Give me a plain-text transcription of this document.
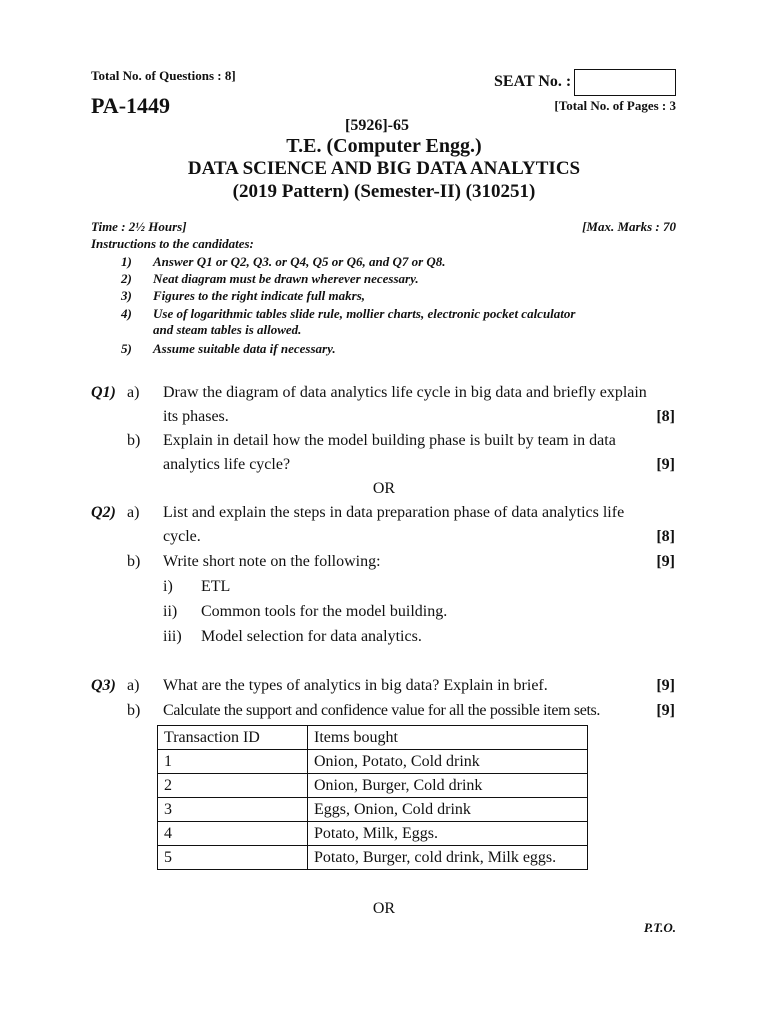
Total No. of Questions : 8]	SEAT No. :
PA-1449	[Total No. of Pages : 3
[5926]-65
T.E. (Computer Engg.)
DATA SCIENCE AND BIG DATA ANALYTICS
(2019 Pattern) (Semester-II) (310251)
Time : 2½ Hours]	[Max. Marks : 70
Instructions to the candidates:
1) Answer Q1 or Q2, Q3. or Q4, Q5 or Q6, and Q7 or Q8.
2) Neat diagram must be drawn wherever necessary.
3) Figures to the right indicate full makrs,
4) Use of logarithmic tables slide rule, mollier charts, electronic pocket calculator
and steam tables is allowed.
5) Assume suitable data if necessary.
Q1) a) Draw the diagram of data analytics life cycle in big data and briefly explain
its phases.	[8]
b) Explain in detail how the model building phase is built by team in data
analytics life cycle?	[9]
OR
Q2) a) List and explain the steps in data preparation phase of data analytics life
cycle.	[8]
b) Write short note on the following:	[9]
i) ETL
ii) Common tools for the model building.
iii) Model selection for data analytics.
Q3) a) What are the types of analytics in big data? Explain in brief.	[9]
b) Calculate the support and confidence value for all the possible item sets.	[9]
Transaction ID	Items bought
1	Onion, Potato, Cold drink
2	Onion, Burger, Cold drink
3	Eggs, Onion, Cold drink
4	Potato, Milk, Eggs.
5	Potato, Burger, cold drink, Milk eggs.
OR
P.T.O.
